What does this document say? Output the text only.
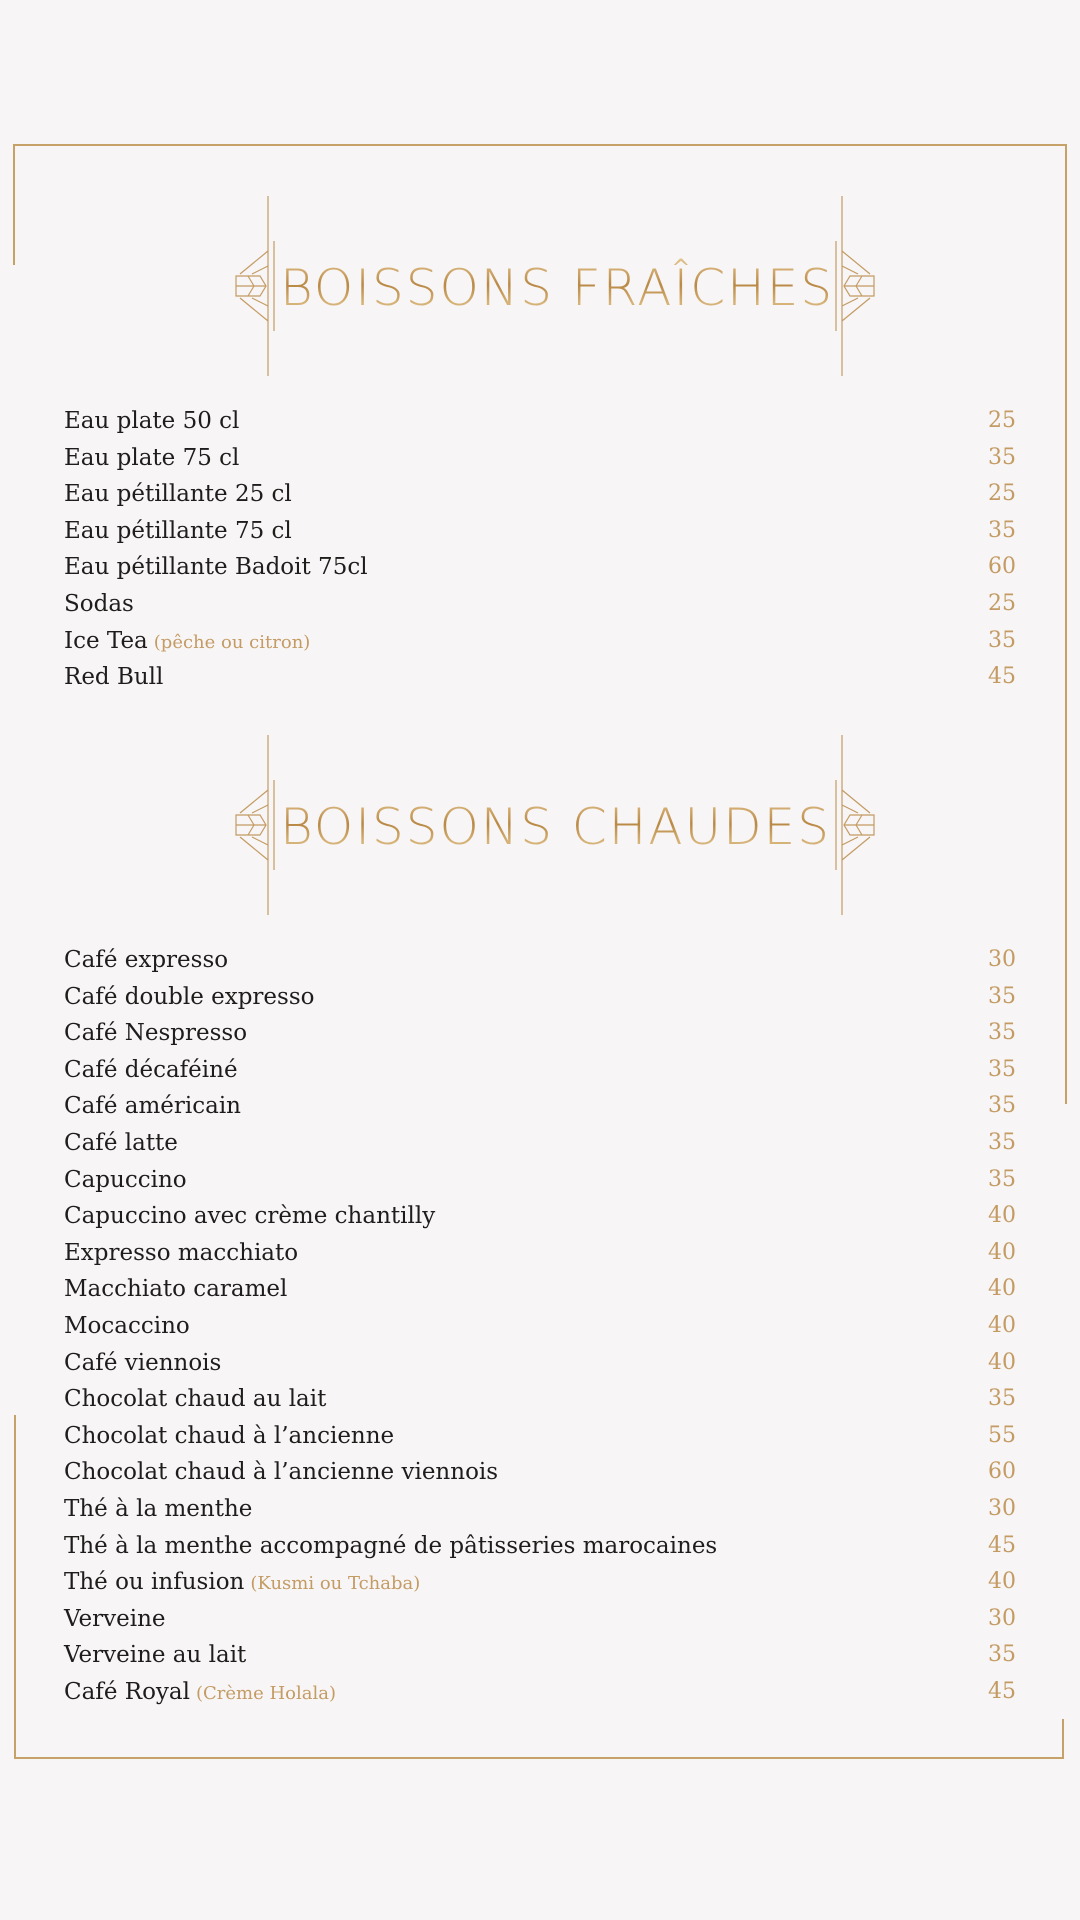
BOISSONS FRAÎCHES
Eau plate 50 cl	25
Eau plate 75 cl	35
Eau pétillante 25 cl	25
Eau pétillante 75 cl	35
Eau pétillante Badoit 75cl	60
Sodas	25
Ice Tea (pêche ou citron)	35
Red Bull	45
BOISSONS CHAUDES
Café expresso	30
Café double expresso	35
Café Nespresso	35
Café décaféiné	35
Café américain	35
Café latte	35
Capuccino	35
Capuccino avec crème chantilly	40
Expresso macchiato	40
Macchiato caramel	40
Mocaccino	40
Café viennois	40
Chocolat chaud au lait	35
Chocolat chaud à l’ancienne	55
Chocolat chaud à l’ancienne viennois	60
Thé à la menthe	30
Thé à la menthe accompagné de pâtisseries marocaines	45
Thé ou infusion (Kusmi ou Tchaba)	40
Verveine	30
Verveine au lait	35
Café Royal (Crème Holala)	45
